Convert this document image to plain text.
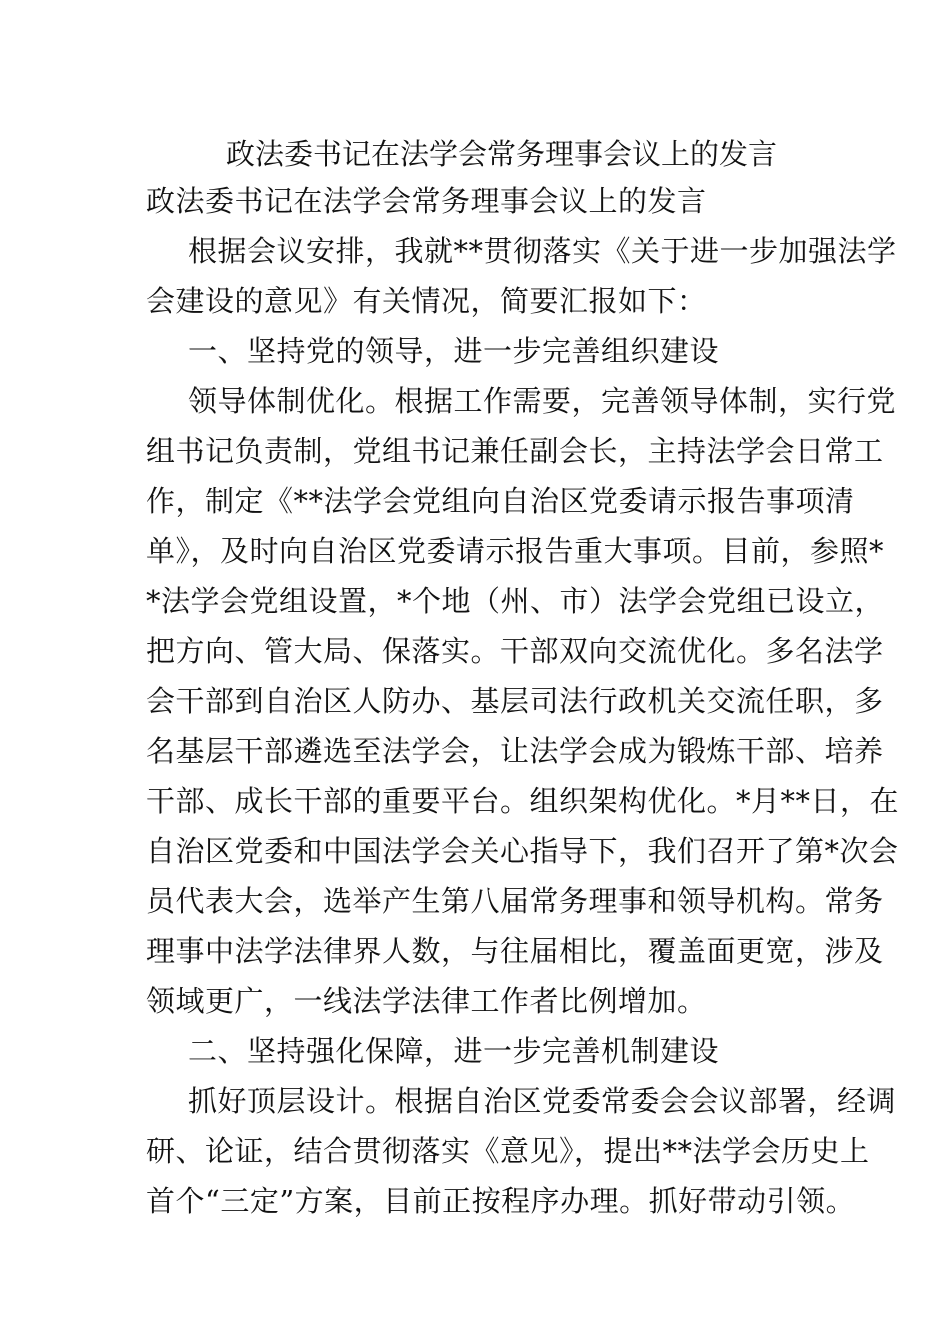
政法委书记在法学会常务理事会议上的发言
政法委书记在法学会常务理事会议上的发言
根据会议安排，我就**贯彻落实《关于进一步加强法学
会建设的意见》有关情况，简要汇报如下：
一、坚持党的领导，进一步完善组织建设
领导体制优化。根据工作需要，完善领导体制，实行党
组书记负责制，党组书记兼任副会长，主持法学会日常工
作，制定《**法学会党组向自治区党委请示报告事项清
单》，及时向自治区党委请示报告重大事项。目前，参照*
*法学会党组设置，*个地（州、市）法学会党组已设立，
把方向、管大局、保落实。干部双向交流优化。多名法学
会干部到自治区人防办、基层司法行政机关交流任职，多
名基层干部遴选至法学会，让法学会成为锻炼干部、培养
干部、成长干部的重要平台。组织架构优化。*月**日，在
自治区党委和中国法学会关心指导下，我们召开了第*次会
员代表大会，选举产生第八届常务理事和领导机构。常务
理事中法学法律界人数，与往届相比，覆盖面更宽，涉及
领域更广，一线法学法律工作者比例增加。
二、坚持强化保障，进一步完善机制建设
抓好顶层设计。根据自治区党委常委会会议部署，经调
研、论证，结合贯彻落实《意见》，提出**法学会历史上
首个“三定”方案，目前正按程序办理。抓好带动引领。
